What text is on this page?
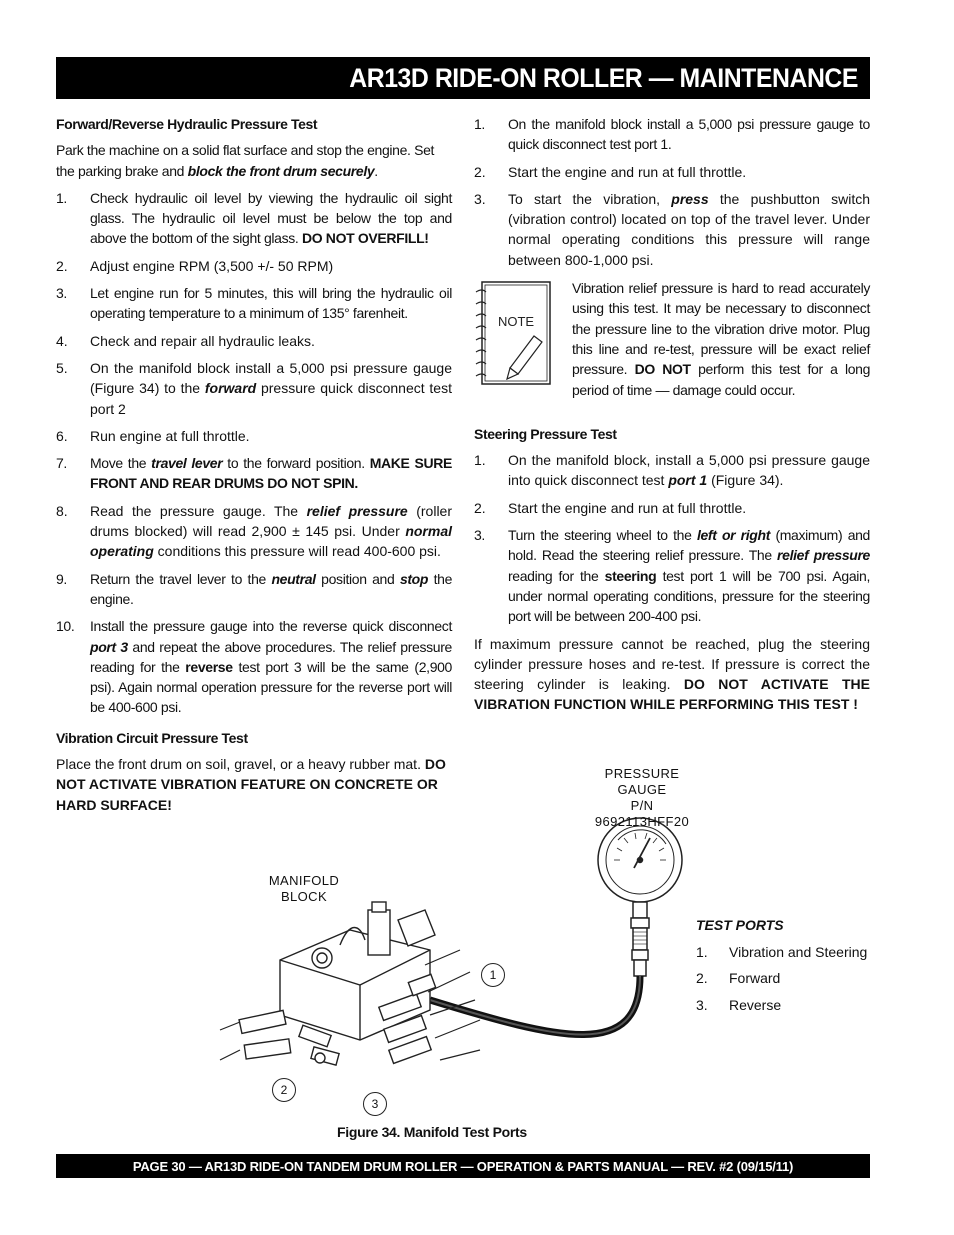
AR13D RIDE-ON ROLLER — MAINTENANCE
Forward/Reverse Hydraulic Pressure Test

Park the machine on a solid flat surface and stop the engine. Set the parking brake and block the front drum securely.

1. Check hydraulic oil level by viewing the hydraulic oil sight glass. The hydraulic oil level must be below the top and above the bottom of the sight glass. DO NOT OVERFILL!
2. Adjust engine RPM (3,500 +/- 50 RPM)
3. Let engine run for 5 minutes, this will bring the hydraulic oil operating temperature to a minimum of 135° farenheit.
4. Check and repair all hydraulic leaks.
5. On the manifold block install a 5,000 psi pressure gauge (Figure 34) to the forward pressure quick disconnect test port 2
6. Run engine at full throttle.
7. Move the travel lever to the forward position. MAKE SURE FRONT AND REAR DRUMS DO NOT SPIN.
8. Read the pressure gauge. The relief pressure (roller drums blocked) will read 2,900 ± 145 psi. Under normal operating conditions this pressure will read 400-600 psi.
9. Return the travel lever to the neutral position and stop the engine.
10. Install the pressure gauge into the reverse quick disconnect port 3 and repeat the above procedures. The relief pressure reading for the reverse test port 3 will be the same (2,900 psi). Again normal operation pressure for the reverse port will be 400-600 psi.
Vibration Circuit Pressure Test

Place the front drum on soil, gravel, or a heavy rubber mat. DO NOT ACTIVATE VIBRATION FEATURE ON CONCRETE OR HARD SURFACE!

1. On the manifold block install a 5,000 psi pressure gauge to quick disconnect test port 1.
2. Start the engine and run at full throttle.
3. To start the vibration, press the pushbutton switch (vibration control) located on top of the travel lever. Under normal operating conditions this pressure will range between 800-1,000 psi.
NOTE
Vibration relief pressure is hard to read accurately using this test. It may be necessary to disconnect the pressure line to the vibration drive motor. Plug this line and re-test, pressure will be exact relief pressure. DO NOT perform this test for a long period of time — damage could occur.
Steering Pressure Test
1. On the manifold block, install a 5,000 psi pressure gauge into quick disconnect test port 1 (Figure 34).
2. Start the engine and run at full throttle.
3. Turn the steering wheel to the left or right (maximum) and hold. Read the steering relief pressure. The relief pressure reading for the steering test port 1 will be 700 psi. Again, under normal operating conditions, pressure for the steering port will be between 200-400 psi.

If maximum pressure cannot be reached, plug the steering cylinder pressure hoses and re-test. If pressure is correct the steering cylinder is leaking. DO NOT ACTIVATE THE VIBRATION FUNCTION WHILE PERFORMING THIS TEST !

PRESSURE
GAUGE
P/N 9692113HFF20
MANIFOLD
BLOCK
1
2
3
TEST PORTS
1.	Vibration and Steering
2.	Forward
3.	Reverse
Figure 34. Manifold Test Ports
PAGE 30 — AR13D RIDE-ON TANDEM DRUM ROLLER — OPERATION & PARTS MANUAL — REV. #2 (09/15/11)
